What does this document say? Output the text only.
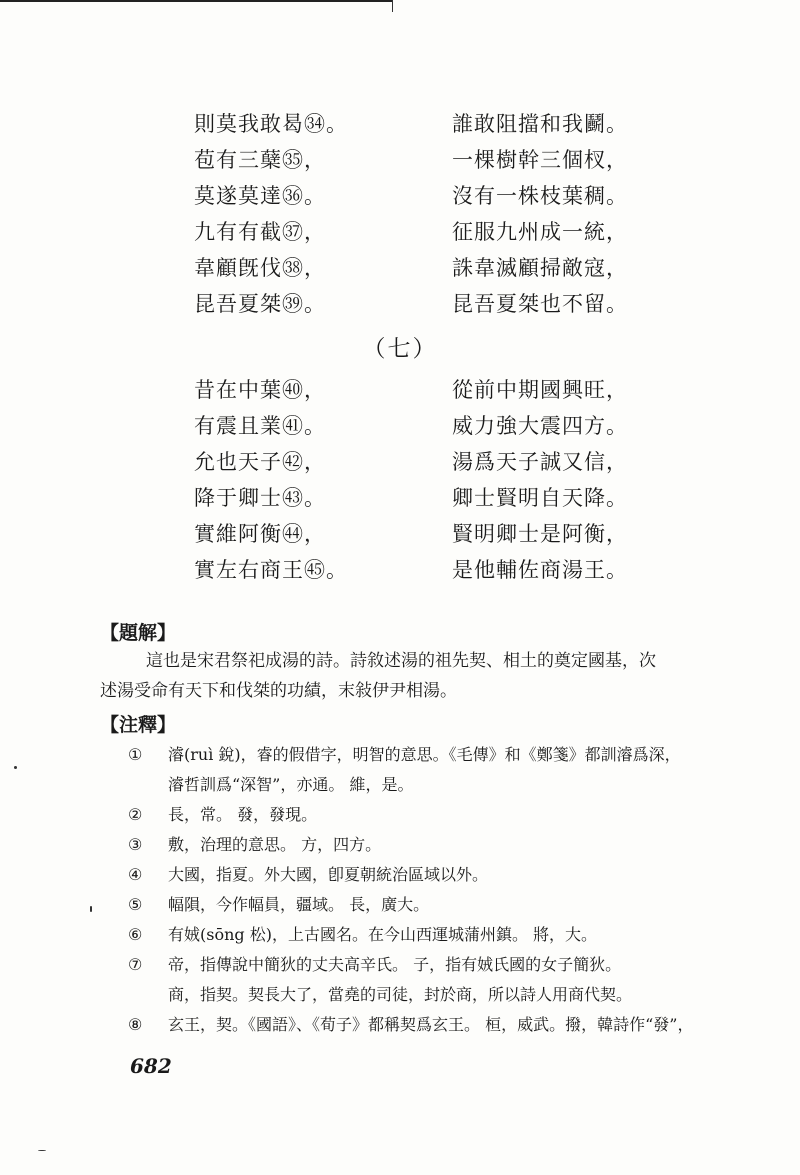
則莫我敢曷㉞。	誰敢阻擋和我鬬。
苞有三蘖㉟，	一棵樹幹三個杈，
莫遂莫達㊱。	沒有一株枝葉稠。
九有有截㊲，	征服九州成一統，
韋顧旣伐㊳，	誅韋滅顧掃敵寇，
昆吾夏桀㊴。	昆吾夏桀也不留。
（七）
昔在中葉㊵，	從前中期國興旺，
有震且業㊶。	威力強大震四方。
允也天子㊷，	湯爲天子誠又信，
降于卿士㊸。	卿士賢明自天降。
實維阿衡㊹，	賢明卿士是阿衡，
實左右商王㊺。	是他輔佐商湯王。
【題解】
這也是宋君祭祀成湯的詩。詩敘述湯的祖先契、相土的奠定國基，次
述湯受命有天下和伐桀的功績，末敍伊尹相湯。
【注釋】
① 濬(ruì 銳)，睿的假借字，明智的意思。《毛傳》和《鄭箋》都訓濬爲深，
濬哲訓爲“深智”，亦通。 維，是。
② 長，常。 發，發現。
③ 敷，治理的意思。 方，四方。
④ 大國，指夏。外大國，卽夏朝統治區域以外。
⑤ 幅隕，今作幅員，疆域。 長，廣大。
⑥ 有娀(sōng 松)，上古國名。在今山西運城蒲州鎮。 將，大。
⑦ 帝，指傳說中簡狄的丈夫高辛氏。 子，指有娀氏國的女子簡狄。
商，指契。契長大了，當堯的司徒，封於商，所以詩人用商代契。
⑧ 玄王，契。《國語》、《荀子》都稱契爲玄王。 桓，威武。撥，韓詩作“發”，
682
